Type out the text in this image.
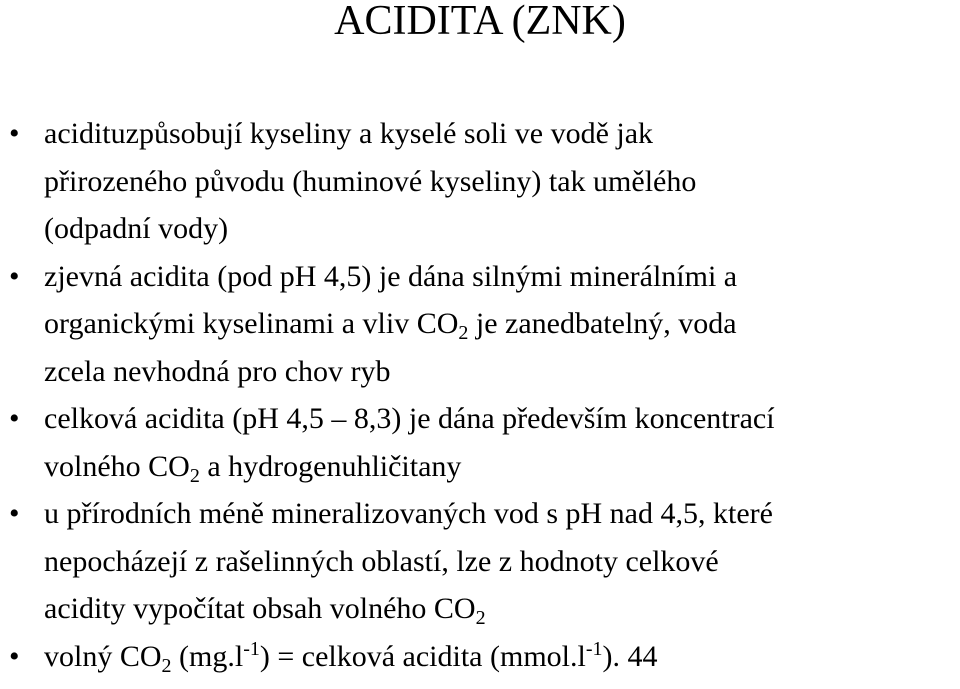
ACIDITA (ZNK)
• acidituzpůsobují kyseliny a kyselé soli ve vodě jak
přirozeného původu (huminové kyseliny) tak umělého
(odpadní vody)
• zjevná acidita (pod pH 4,5) je dána silnými minerálními a
organickými kyselinami a vliv $CO_2$ je zanedbatelný, voda
zcela nevhodná pro chov ryb
• celková acidita (pH 4,5 – 8,3) je dána především koncentrací
volného $CO_2$ a hydrogenuhličitany
• u přírodních méně mineralizovaných vod s pH nad 4,5, které
nepocházejí z rašelinných oblastí, lze z hodnoty celkové
acidity vypočítat obsah volného $CO_2$
• volný $CO_2$ $(mg.l^{-1})$ = celková acidita $(mmol.l^{-1})$. 44
